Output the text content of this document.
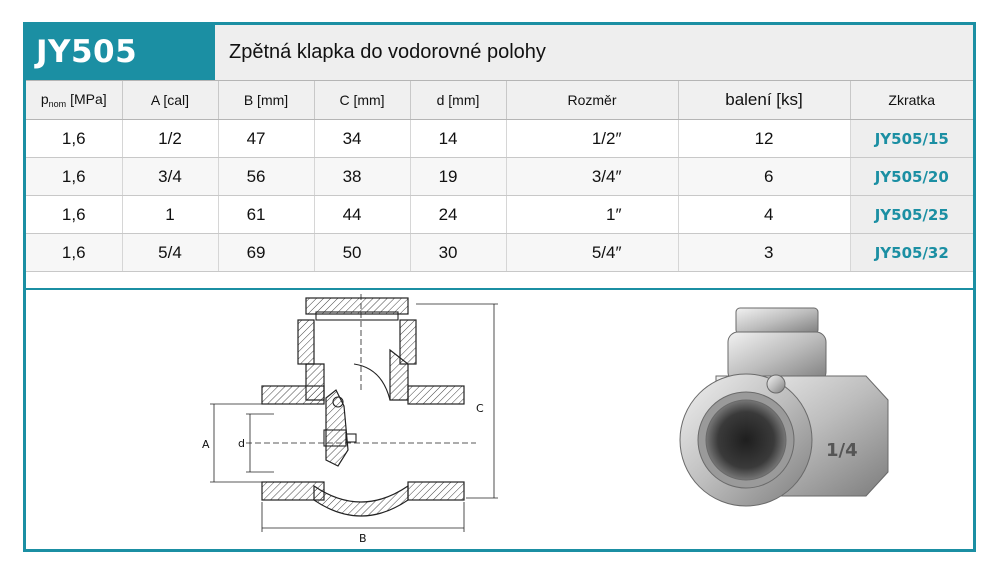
JY505	Zpětná klapka do vodorovné polohy
$p_{nom}$ [MPa]	A [cal]	B [mm]	C [mm]	d [mm]	Rozměr	balení [ks]	Zkratka
1,6	1/2	47	34	14	1/2″	12	JY505/15
1,6	3/4	56	38	19	3/4″	6	JY505/20
1,6	1	61	44	24	1″	4	JY505/25
1,6	5/4	69	50	30	5/4″	3	JY505/32
A	d
B
C
1/4
